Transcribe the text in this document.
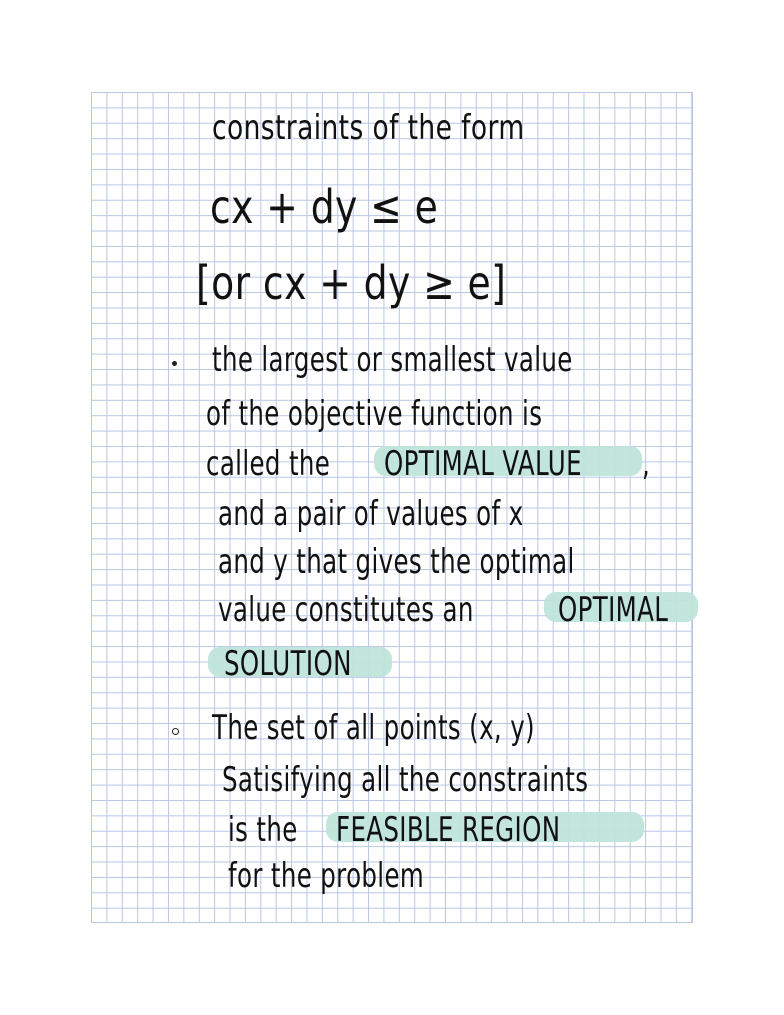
constraints of the form
cx + dy ≤ e
[or cx + dy ≥ e]
the largest or smallest value
of the objective function is
called the OPTIMAL VALUE ,
and a pair of values of x
and y that gives the optimal
value constitutes an OPTIMAL
SOLUTION
The set of all points (x, y)
Satisifying all the constraints
is the FEASIBLE REGION
for the problem
